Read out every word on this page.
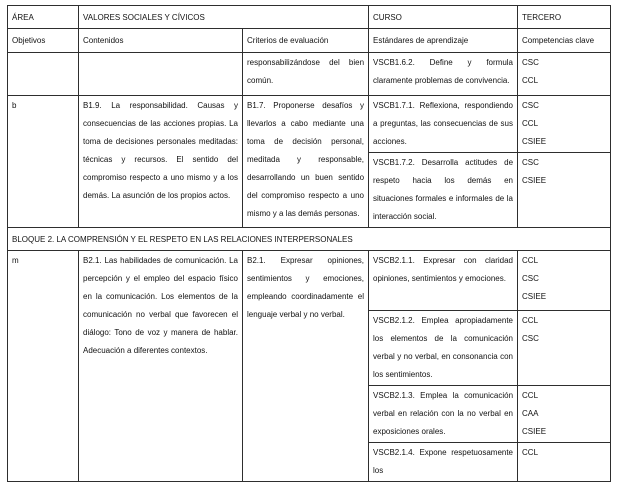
ÁREA	VALORES SOCIALES Y CÍVICOS		CURSO	TERCERO
Objetivos	Contenidos	Criterios de evaluación	Estándares de aprendizaje	Competencias clave
		responsabilizándose del bien común.	VSCB1.6.2. Define y formula claramente problemas de convivencia.	CSC
CCL

b	B1.9. La responsabilidad. Causas y consecuencias de las acciones propias. La toma de decisiones personales meditadas: técnicas y recursos. El sentido del compromiso respecto a uno mismo y a los demás. La asunción de los propios actos.	B1.7. Proponerse desafíos y llevarlos a cabo mediante una toma de decisión personal, meditada y responsable, desarrollando un buen sentido del compromiso respecto a uno mismo y a las demás personas.	VSCB1.7.1. Reflexiona, respondiendo a preguntas, las consecuencias de sus acciones.	
CSC
CCL
CSIEE

			VSCB1.7.2. Desarrolla actitudes de respeto hacia los demás en situaciones formales e informales de la interacción social.	CSC
CSIEE

BLOQUE 2. LA COMPRENSIÓN Y EL RESPETO EN LAS RELACIONES INTERPERSONALES				
m	B2.1. Las habilidades de comunicación. La percepción y el empleo del espacio físico en la comunicación. Los elementos de la comunicación no verbal que favorecen el diálogo: Tono de voz y manera de hablar. Adecuación a diferentes contextos.	B2.1. Expresar opiniones, sentimientos y emociones, empleando coordinadamente el lenguaje verbal y no verbal.	VSCB2.1.1. Expresar con claridad opiniones, sentimientos y emociones.	
CCL
CSC
CSIEE

			VSCB2.1.2. Emplea apropiadamente los elementos de la comunicación verbal y no verbal, en consonancia con los sentimientos.	CCL
CSC

			VSCB2.1.3. Emplea la comunicación verbal en relación con la no verbal en exposiciones orales.	CCL
CAA
CSIEE

			VSCB2.1.4. Expone respetuosamente los	CCL
